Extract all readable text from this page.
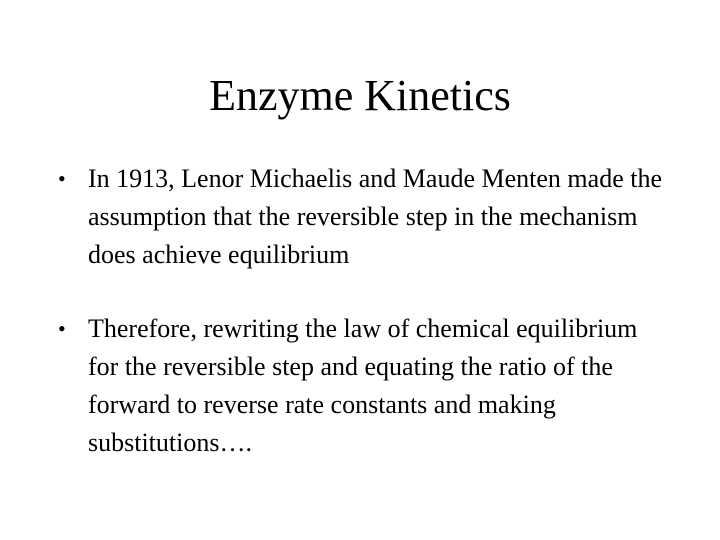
Enzyme Kinetics
• In 1913, Lenor Michaelis and Maude Menten made the assumption that the reversible step in the mechanism does achieve equilibrium
• Therefore, rewriting the law of chemical equilibrium for the reversible step and equating the ratio of the forward to reverse rate constants and making substitutions….
